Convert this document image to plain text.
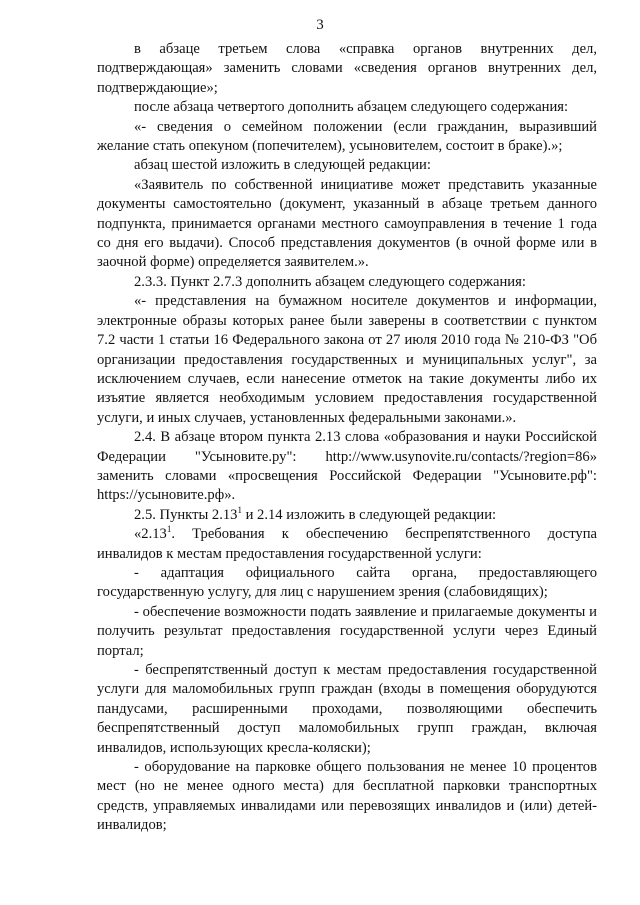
3

в абзаце третьем слова «справка органов внутренних дел, подтверждающая» заменить словами «сведения органов внутренних дел, подтверждающие»;

после абзаца четвертого дополнить абзацем следующего содержания:

«- сведения о семейном положении (если гражданин, выразивший желание стать опекуном (попечителем), усыновителем, состоит в браке).»;

абзац шестой изложить в следующей редакции:

«Заявитель по собственной инициативе может представить указанные документы самостоятельно (документ, указанный в абзаце третьем данного подпункта, принимается органами местного самоуправления в течение 1 года со дня его выдачи). Способ представления документов (в очной форме или в заочной форме) определяется заявителем.».

2.3.3. Пункт 2.7.3 дополнить абзацем следующего содержания:

«- представления на бумажном носителе документов и информации, электронные образы которых ранее были заверены в соответствии с пунктом 7.2 части 1 статьи 16 Федерального закона от 27 июля 2010 года № 210-ФЗ "Об организации предоставления государственных и муниципальных услуг", за исключением случаев, если нанесение отметок на такие документы либо их изъятие является необходимым условием предоставления государственной услуги, и иных случаев, установленных федеральными законами.».

2.4. В абзаце втором пункта 2.13 слова «образования и науки Российской Федерации "Усыновите.ру": http://www.usynovite.ru/contacts/?region=86» заменить словами «просвещения Российской Федерации "Усыновите.рф": https://усыновите.рф».

2.5. Пункты 2.13$^1$ и 2.14 изложить в следующей редакции:

«2.13$^1$. Требования к обеспечению беспрепятственного доступа инвалидов к местам предоставления государственной услуги:

- адаптация официального сайта органа, предоставляющего государственную услугу, для лиц с нарушением зрения (слабовидящих);

- обеспечение возможности подать заявление и прилагаемые документы и получить результат предоставления государственной услуги через Единый портал;

- беспрепятственный доступ к местам предоставления государственной услуги для маломобильных групп граждан (входы в помещения оборудуются пандусами, расширенными проходами, позволяющими обеспечить беспрепятственный доступ маломобильных групп граждан, включая инвалидов, использующих кресла-коляски);

- оборудование на парковке общего пользования не менее 10 процентов мест (но не менее одного места) для бесплатной парковки транспортных средств, управляемых инвалидами или перевозящих инвалидов и (или) детей-инвалидов;
